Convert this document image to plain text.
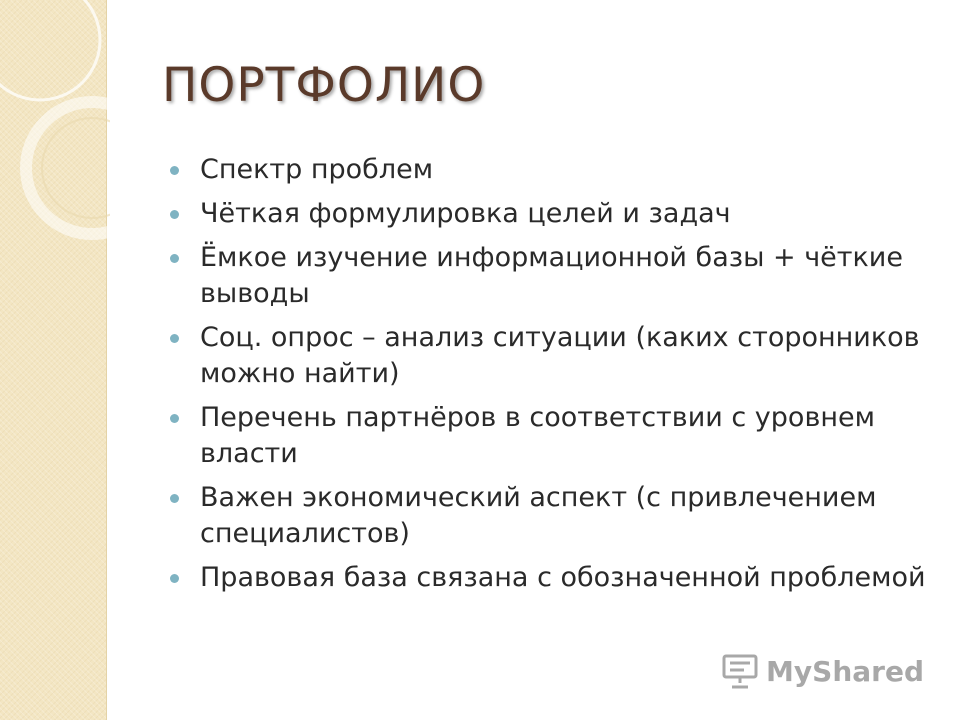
ПОРТФОЛИО
Спектр проблем
Чёткая формулировка целей и задач
Ёмкое изучение информационной базы + чёткие выводы
Соц. опрос – анализ ситуации (каких сторонников можно найти)
Перечень партнёров в соответствии с уровнем власти
Важен экономический аспект (с привлечением специалистов)
Правовая база связана с обозначенной проблемой
MyShared
